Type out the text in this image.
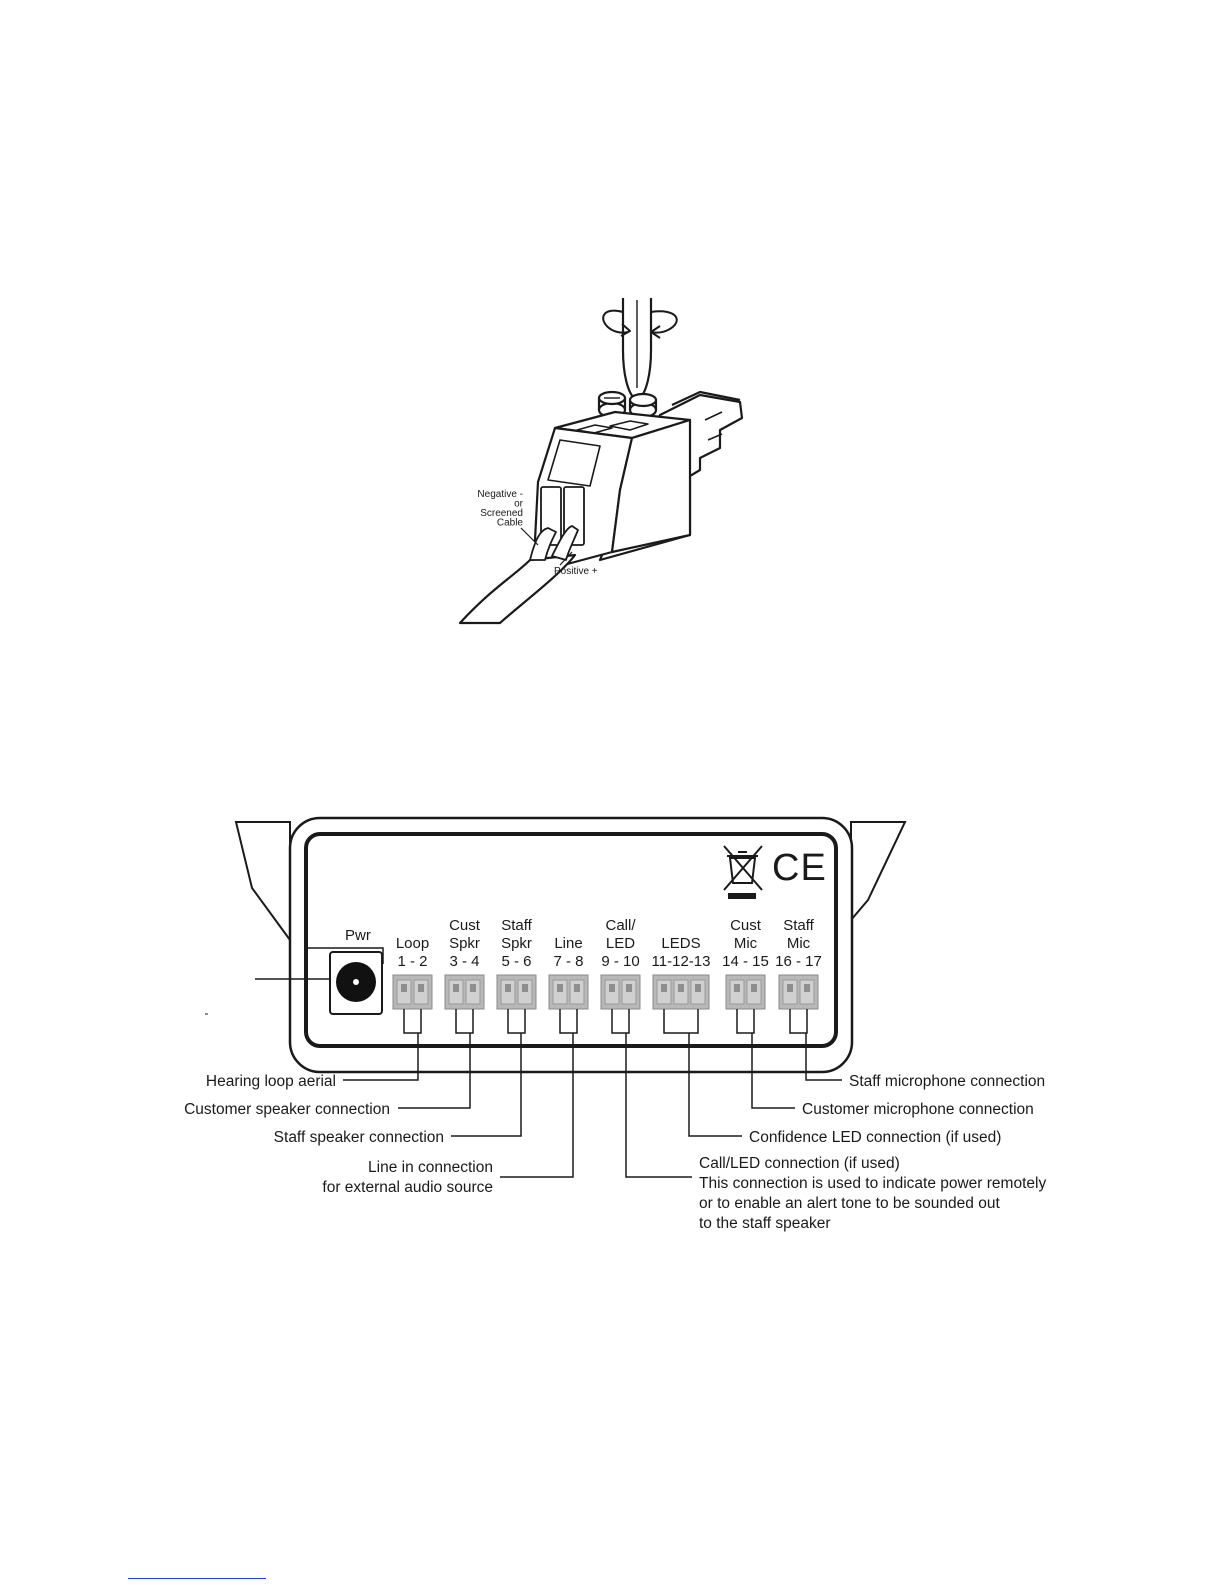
Negative -or Screened Cable
Positive +
CE
Pwr Loop
1 - 2
Cust
Spkr
3 - 4
Staff
Spkr
5 - 6
Line
7 - 8
Call/
LED
9 - 10
LEDS
11-12-13
Cust
Mic
14 - 15
Staff
Mic
16 - 17
Hearing loop aerial
Customer speaker connection
Staff speaker connection
Line in connection
for external audio source
Staff microphone connection
Customer microphone connection
Confidence LED connection (if used)
Call/LED connection (if used)
This connection is used to indicate power remotely
or to enable an alert tone to be sounded out
to the staff speaker
